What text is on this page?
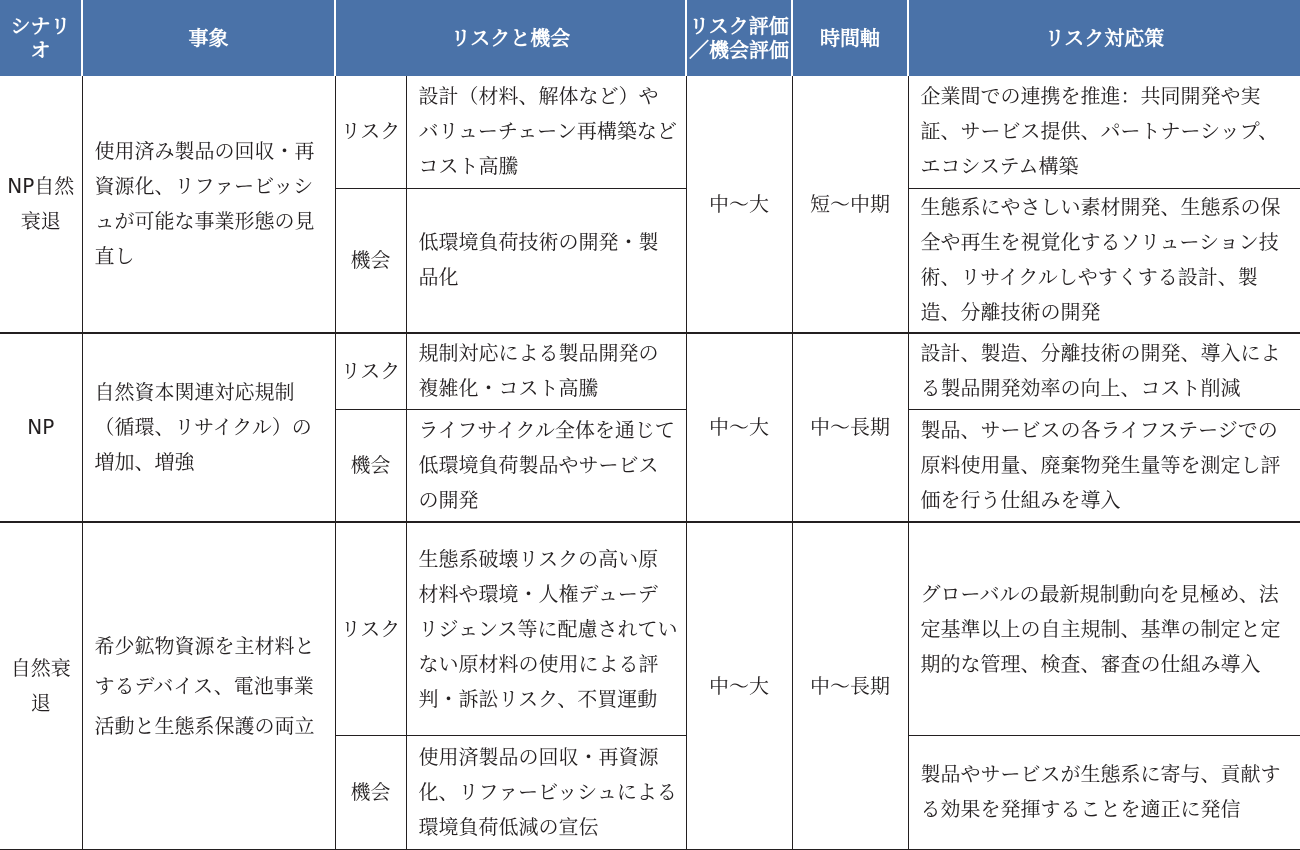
シナリオ	事象	リスクと機会		リスク評価／機会評価	時間軸	リスク対応策
NP自然衰退	使用済み製品の回収・再資源化、リファービッシュが可能な事業形態の見直し	リスク	設計（材料、解体など）やバリューチェーン再構築などコスト高騰	中〜大	短〜中期	企業間での連携を推進：共同開発や実証、サービス提供、パートナーシップ、エコシステム構築
		機会	低環境負荷技術の開発・製品化			生態系にやさしい素材開発、生態系の保全や再生を視覚化するソリューション技術、リサイクルしやすくする設計、製造、分離技術の開発
NP	自然資本関連対応規制（循環、リサイクル）の増加、増強	リスク	規制対応による製品開発の複雑化・コスト高騰	中〜大	中〜長期	設計、製造、分離技術の開発、導入による製品開発効率の向上、コスト削減
		機会	ライフサイクル全体を通じて低環境負荷製品やサービスの開発			製品、サービスの各ライフステージでの原料使用量、廃棄物発生量等を測定し評価を行う仕組みを導入
自然衰退	希少鉱物資源を主材料とするデバイス、電池事業活動と生態系保護の両立	リスク	生態系破壊リスクの高い原材料や環境・人権デューデリジェンス等に配慮されていない原材料の使用による評判・訴訟リスク、不買運動	中〜大	中〜長期	グローバルの最新規制動向を見極め、法定基準以上の自主規制、基準の制定と定期的な管理、検査、審査の仕組み導入
		機会	使用済製品の回収・再資源化、リファービッシュによる環境負荷低減の宣伝			製品やサービスが生態系に寄与、貢献する効果を発揮することを適正に発信
